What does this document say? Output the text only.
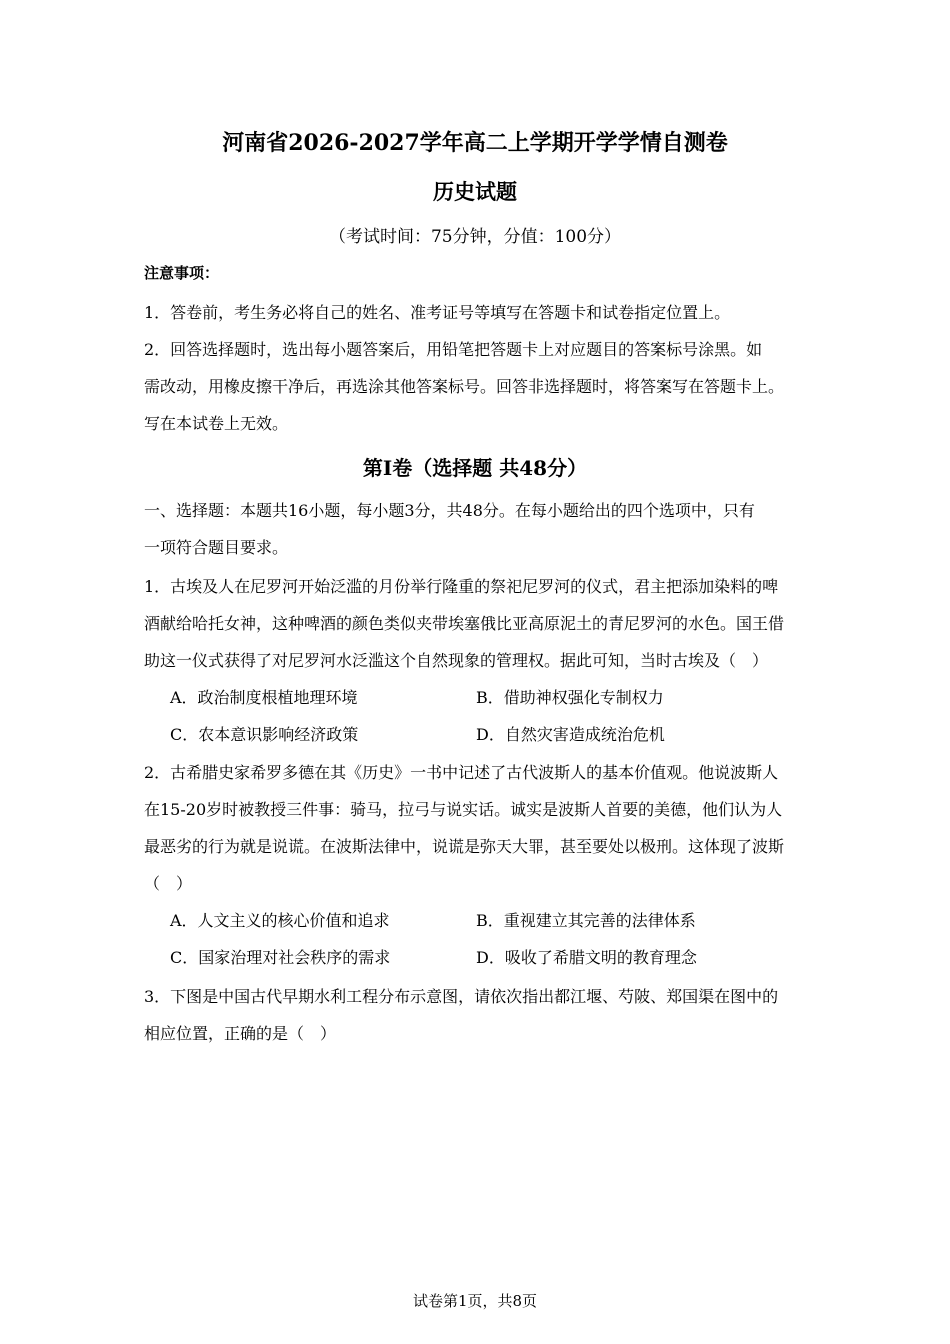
河南省2026-2027学年高二上学期开学学情自测卷
历史试题
（考试时间：75分钟，分值：100分）
注意事项：
1．答卷前，考生务必将自己的姓名、准考证号等填写在答题卡和试卷指定位置上。
2．回答选择题时，选出每小题答案后，用铅笔把答题卡上对应题目的答案标号涂黑。如
需改动，用橡皮擦干净后，再选涂其他答案标号。回答非选择题时，将答案写在答题卡上。
写在本试卷上无效。
第Ⅰ卷（选择题 共48分）
一、选择题：本题共16小题，每小题3分，共48分。在每小题给出的四个选项中，只有
一项符合题目要求。
1．古埃及人在尼罗河开始泛滥的月份举行隆重的祭祀尼罗河的仪式，君主把添加染料的啤
酒献给哈托女神，这种啤酒的颜色类似夹带埃塞俄比亚高原泥土的青尼罗河的水色。国王借
助这一仪式获得了对尼罗河水泛滥这个自然现象的管理权。据此可知，当时古埃及（　）
A．政治制度根植地理环境	B．借助神权强化专制权力
C．农本意识影响经济政策	D．自然灾害造成统治危机
2．古希腊史家希罗多德在其《历史》一书中记述了古代波斯人的基本价值观。他说波斯人
在15-20岁时被教授三件事：骑马，拉弓与说实话。诚实是波斯人首要的美德，他们认为人
最恶劣的行为就是说谎。在波斯法律中，说谎是弥天大罪，甚至要处以极刑。这体现了波斯
（　）
A．人文主义的核心价值和追求	B．重视建立其完善的法律体系
C．国家治理对社会秩序的需求	D．吸收了希腊文明的教育理念
3．下图是中国古代早期水利工程分布示意图，请依次指出都江堰、芍陂、郑国渠在图中的
相应位置，正确的是（　）
试卷第1页，共8页
